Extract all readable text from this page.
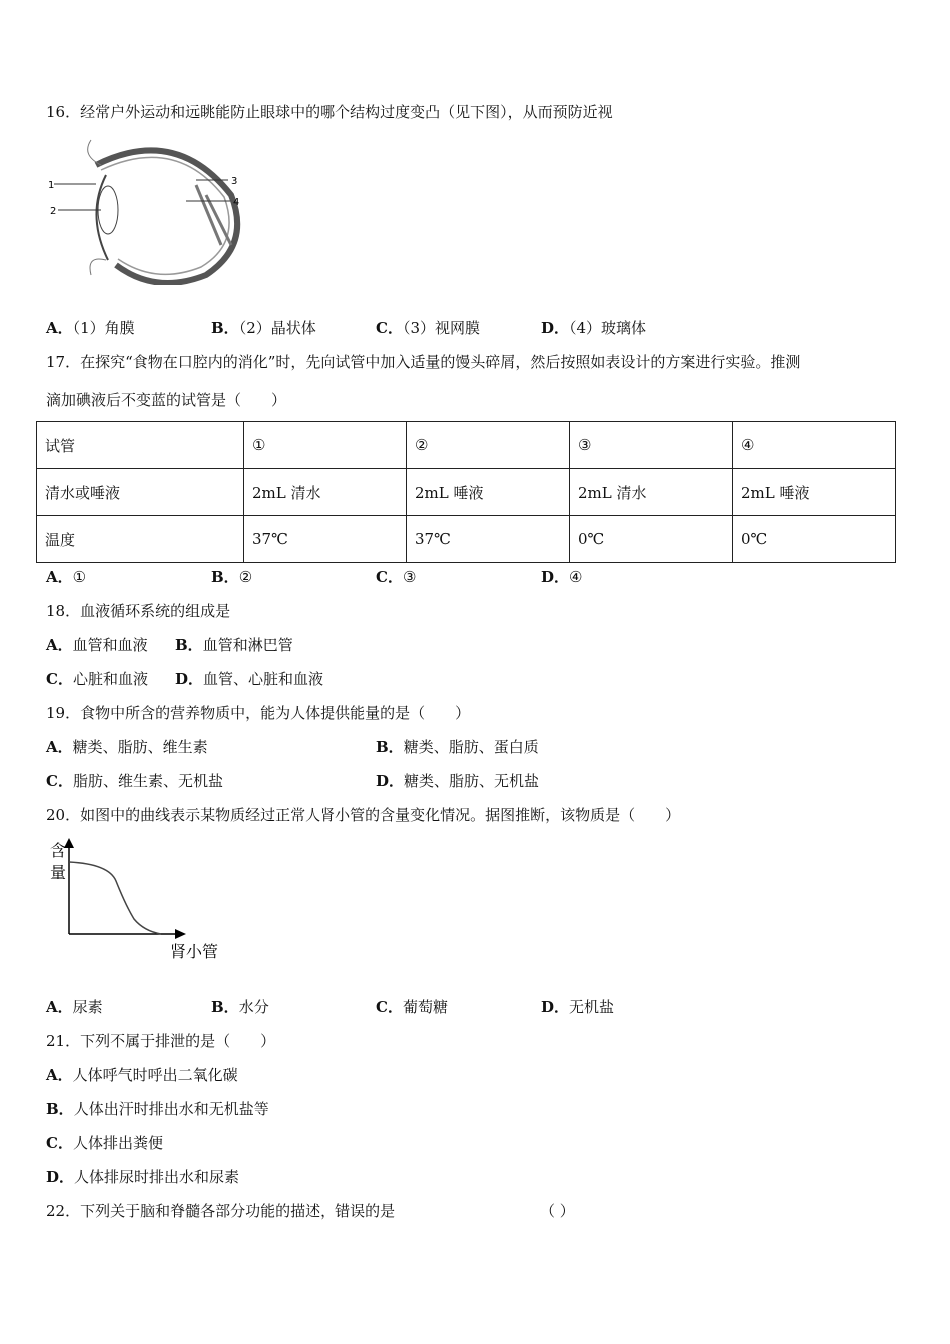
16．经常户外运动和远眺能防止眼球中的哪个结构过度变凸（见下图），从而预防近视
1
2
3
4
A．（1）角膜	B．（2）晶状体	C．（3）视网膜	D．（4）玻璃体
17．在探究“食物在口腔内的消化”时，先向试管中加入适量的馒头碎屑，然后按照如表设计的方案进行实验。推测
滴加碘液后不变蓝的试管是（　　）
试管	①	②	③	④
清水或唾液	2mL 清水	2mL 唾液	2mL 清水	2mL 唾液
温度	37℃	37℃	0℃	0℃
A．①	B．②	C．③	D．④
18．血液循环系统的组成是
A．血管和血液 B．血管和淋巴管
C．心脏和血液 D．血管、心脏和血液
19．食物中所含的营养物质中，能为人体提供能量的是（　　）
A．糖类、脂肪、维生素	B．糖类、脂肪、蛋白质
C．脂肪、维生素、无机盐	D．糖类、脂肪、无机盐
20．如图中的曲线表示某物质经过正常人肾小管的含量变化情况。据图推断，该物质是（　　）
含
量
肾小管
含量
A．尿素	B．水分	C．葡萄糖	D．无机盐
21．下列不属于排泄的是（　　）
A．人体呼气时呼出二氧化碳
B．人体出汗时排出水和无机盐等
C．人体排出粪便
D．人体排尿时排出水和尿素
22．下列关于脑和脊髓各部分功能的描述，错误的是	（ ）
